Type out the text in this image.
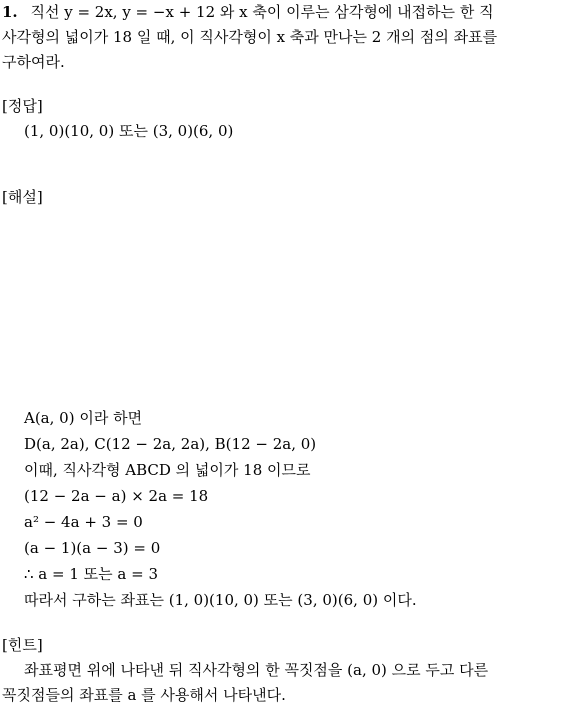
1. 직선 y = 2x, y = −x + 12 와 x 축이 이루는 삼각형에 내접하는 한 직
사각형의 넓이가 18 일 때, 이 직사각형이 x 축과 만나는 2 개의 점의 좌표를
구하여라.
[정답]
(1, 0)(10, 0) 또는 (3, 0)(6, 0)
[해설]
A(a, 0) 이라 하면
D(a, 2a), C(12 − 2a, 2a), B(12 − 2a, 0)
이때, 직사각형 ABCD 의 넓이가 18 이므로
(12 − 2a − a) × 2a = 18
a² − 4a + 3 = 0
(a − 1)(a − 3) = 0
∴ a = 1 또는 a = 3
따라서 구하는 좌표는 (1, 0)(10, 0) 또는 (3, 0)(6, 0) 이다.
[힌트]
좌표평면 위에 나타낸 뒤 직사각형의 한 꼭짓점을 (a, 0) 으로 두고 다른
꼭짓점들의 좌표를 a 를 사용해서 나타낸다.
